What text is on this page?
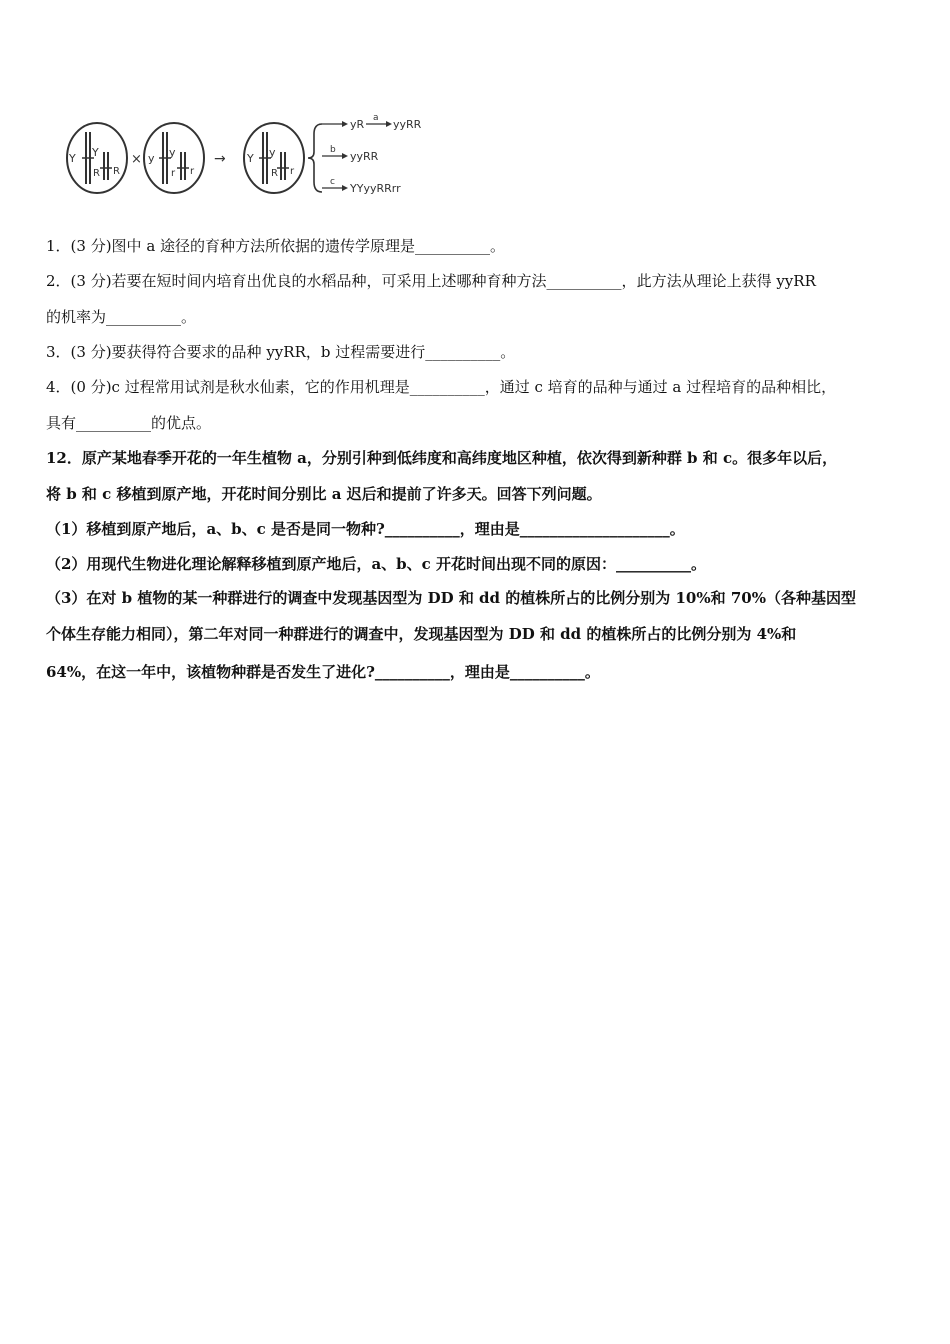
Y Y
R R
× y y
r r
→ Y y
R r
yR a yyRR
b yyRR
c YYyyRRrr
1．(3 分)图中 a 途径的育种方法所依据的遗传学原理是__________。
2．(3 分)若要在短时间内培育出优良的水稻品种，可采用上述哪种育种方法__________，此方法从理论上获得 yyRR
的机率为__________。
3．(3 分)要获得符合要求的品种 yyRR，b 过程需要进行__________。
4．(0 分)c 过程常用试剂是秋水仙素，它的作用机理是__________，通过 c 培育的品种与通过 a 过程培育的品种相比，
具有__________的优点。
12．原产某地春季开花的一年生植物 a，分别引种到低纬度和高纬度地区种植，依次得到新种群 b 和 c。很多年以后，
将 b 和 c 移植到原产地，开花时间分别比 a 迟后和提前了许多天。回答下列问题。
（1）移植到原产地后，a、b、c 是否是同一物种?__________，理由是____________________。
（2）用现代生物进化理论解释移植到原产地后，a、b、c 开花时间出现不同的原因：__________。
（3）在对 b 植物的某一种群进行的调查中发现基因型为 DD 和 dd 的植株所占的比例分别为 10%和 70%（各种基因型
个体生存能力相同），第二年对同一种群进行的调查中，发现基因型为 DD 和 dd 的植株所占的比例分别为 4%和
64%，在这一年中，该植物种群是否发生了进化?__________，理由是__________。
